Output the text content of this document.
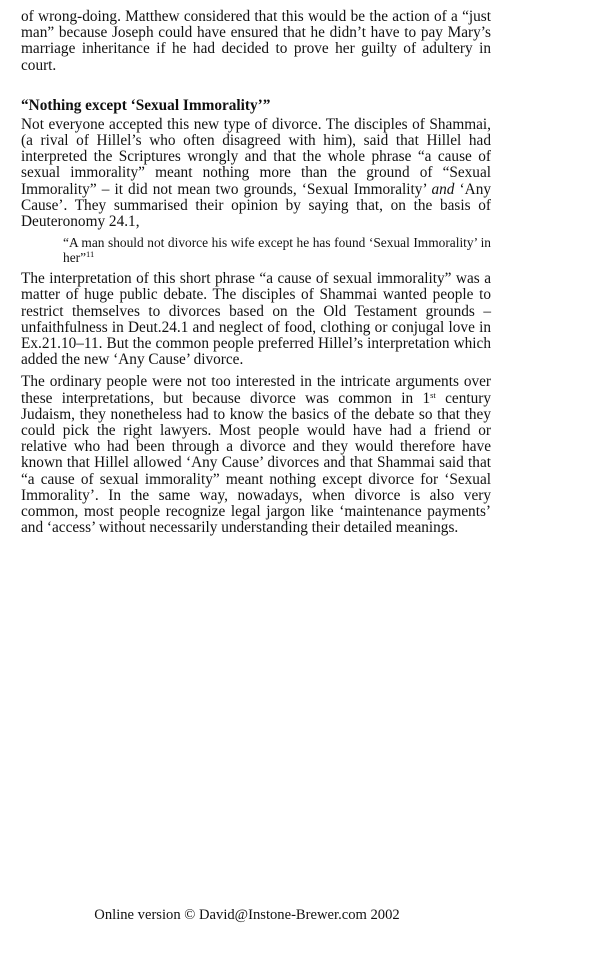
of wrong-doing. Matthew considered that this would be the action of a “just man” because Joseph could have ensured that he didn’t have to pay Mary’s marriage inheritance if he had decided to prove her guilty of adultery in court.

“Nothing except ‘Sexual Immorality’”

Not everyone accepted this new type of divorce. The disciples of Shammai, (a rival of Hillel’s who often disagreed with him), said that Hillel had interpreted the Scriptures wrongly and that the whole phrase “a cause of sexual immorality” meant nothing more than the ground of “Sexual Immorality” – it did not mean two grounds, ‘Sexual Immorality’ and ‘Any Cause’. They summarised their opinion by saying that, on the basis of Deuteronomy 24.1,

“A man should not divorce his wife except he has found ‘Sexual Immorality’ in her”$^{11}$

The interpretation of this short phrase “a cause of sexual immorality” was a matter of huge public debate. The disciples of Shammai wanted people to restrict themselves to divorces based on the Old Testament grounds – unfaithfulness in Deut.24.1 and neglect of food, clothing or conjugal love in Ex.21.10–11. But the common people preferred Hillel’s interpretation which added the new ‘Any Cause’ divorce.

The ordinary people were not too interested in the intricate arguments over these interpretations, but because divorce was common in 1st century Judaism, they nonetheless had to know the basics of the debate so that they could pick the right lawyers. Most people would have had a friend or relative who had been through a divorce and they would therefore have known that Hillel allowed ‘Any Cause’ divorces and that Shammai said that “a cause of sexual immorality” meant nothing except divorce for ‘Sexual Immorality’. In the same way, nowadays, when divorce is also very common, most people recognize legal jargon like ‘maintenance payments’ and ‘access’ without necessarily understanding their detailed meanings.

Online version © David@Instone-Brewer.com 2002
